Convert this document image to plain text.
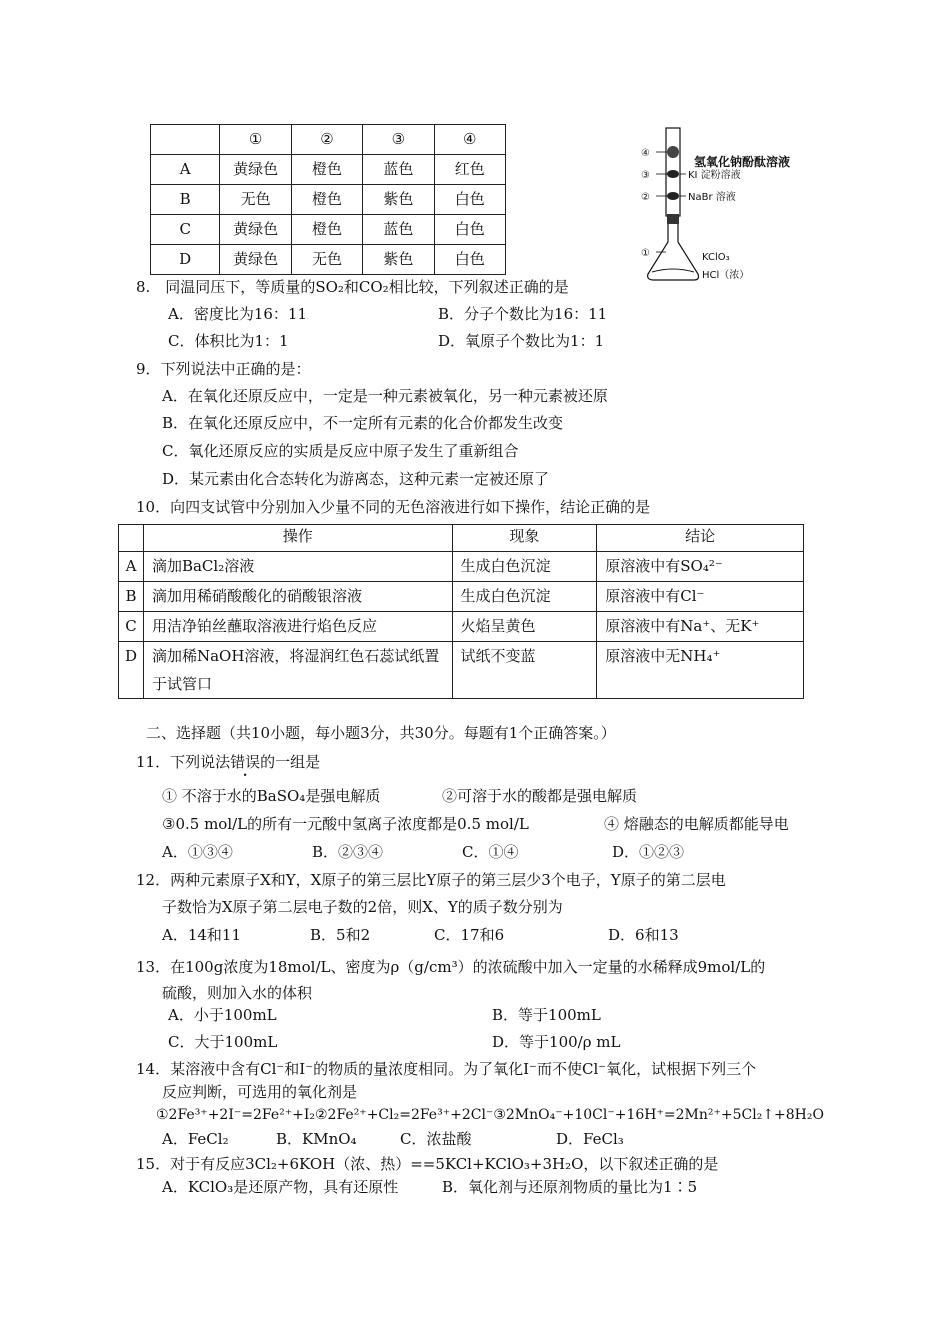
	①	②	③	④
A	黄绿色	橙色	蓝色	红色
B	无色	橙色	紫色	白色
C	黄绿色	橙色	蓝色	白色
D	黄绿色	无色	紫色	白色
④
氢氧化钠酚酞溶液
③	KI 淀粉溶液
②	NaBr 溶液
①	KClO₃
HCl（浓）
8.　同温同压下，等质量的SO₂和CO₂相比较，下列叙述正确的是
A．密度比为16：11	B．分子个数比为16：11
C．体积比为1：1	D．氧原子个数比为1：1
9．下列说法中正确的是：
A．在氧化还原反应中，一定是一种元素被氧化，另一种元素被还原
B．在氧化还原反应中，不一定所有元素的化合价都发生改变
C．氧化还原反应的实质是反应中原子发生了重新组合
D．某元素由化合态转化为游离态，这种元素一定被还原了
10．向四支试管中分别加入少量不同的无色溶液进行如下操作，结论正确的是
	操作	现象	结论
A	滴加BaCl₂溶液	生成白色沉淀	原溶液中有SO₄²⁻
B	滴加用稀硝酸酸化的硝酸银溶液	生成白色沉淀	原溶液中有Cl⁻
C	用洁净铂丝蘸取溶液进行焰色反应	火焰呈黄色	原溶液中有Na⁺、无K⁺
D	滴加稀NaOH溶液，将湿润红色石蕊试纸置于试管口	试纸不变蓝	原溶液中无NH₄⁺
二、选择题（共10小题，每小题3分，共30分。每题有1个正确答案。）
11．下列说法错误的一组是
① 不溶于水的BaSO₄是强电解质	②可溶于水的酸都是强电解质
③0.5 mol/L的所有一元酸中氢离子浓度都是0.5 mol/L	④ 熔融态的电解质都能导电
A．①③④	B．②③④	C．①④	D．①②③
12．两种元素原子X和Y，X原子的第三层比Y原子的第三层少3个电子，Y原子的第二层电
子数恰为X原子第二层电子数的2倍，则X、Y的质子数分别为
A．14和11	B．5和2	C．17和6	D．6和13
13．在100g浓度为18mol/L、密度为ρ（g/cm³）的浓硫酸中加入一定量的水稀释成9mol/L的
硫酸，则加入水的体积
A．小于100mL	B．等于100mL
C．大于100mL	D．等于100/ρ mL
14．某溶液中含有Cl⁻和I⁻的物质的量浓度相同。为了氧化I⁻而不使Cl⁻氧化，试根据下列三个
反应判断，可选用的氧化剂是
①2Fe³⁺+2I⁻=2Fe²⁺+I₂②2Fe²⁺+Cl₂=2Fe³⁺+2Cl⁻③2MnO₄⁻+10Cl⁻+16H⁺=2Mn²⁺+5Cl₂↑+8H₂O
A．FeCl₂	B．KMnO₄	C．浓盐酸	D．FeCl₃
15．对于有反应3Cl₂+6KOH（浓、热）==5KCl+KClO₃+3H₂O，以下叙述正确的是
A．KClO₃是还原产物，具有还原性	B．氧化剂与还原剂物质的量比为1∶5
